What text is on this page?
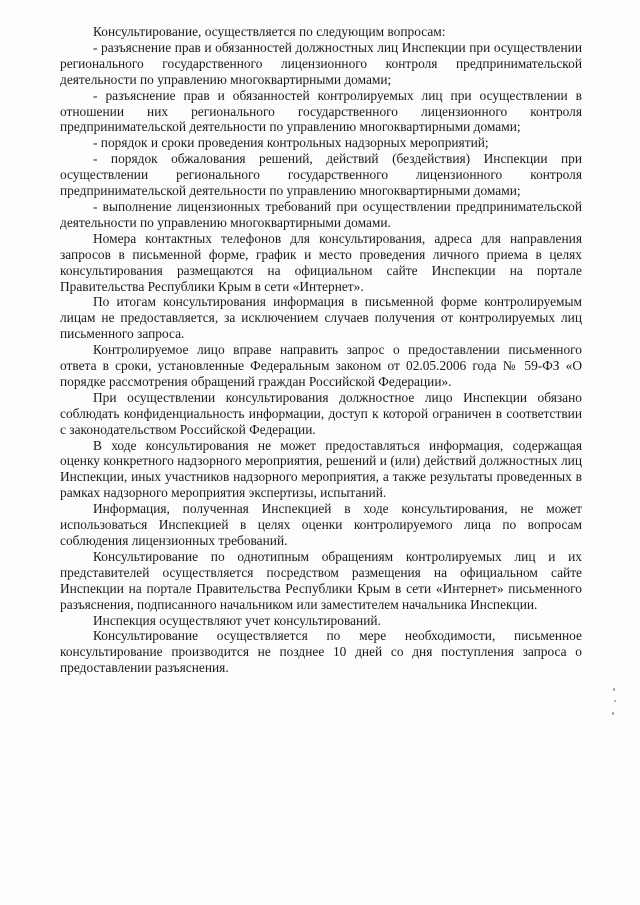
Консультирование, осуществляется по следующим вопросам:

- разъяснение прав и обязанностей должностных лиц Инспекции при осуществлении регионального государственного лицензионного контроля предпринимательской деятельности по управлению многоквартирными домами;

- разъяснение прав и обязанностей контролируемых лиц при осуществлении в отношении них регионального государственного лицензионного контроля предпринимательской деятельности по управлению многоквартирными домами;

- порядок и сроки проведения контрольных надзорных мероприятий;

- порядок обжалования решений, действий (бездействия) Инспекции при осуществлении регионального государственного лицензионного контроля предпринимательской деятельности по управлению многоквартирными домами;

- выполнение лицензионных требований при осуществлении предпринимательской деятельности по управлению многоквартирными домами.

Номера контактных телефонов для консультирования, адреса для направления запросов в письменной форме, график и место проведения личного приема в целях консультирования размещаются на официальном сайте Инспекции на портале Правительства Республики Крым в сети «Интернет».

По итогам консультирования информация в письменной форме контролируемым лицам не предоставляется, за исключением случаев получения от контролируемых лиц письменного запроса.

Контролируемое лицо вправе направить запрос о предоставлении письменного ответа в сроки, установленные Федеральным законом от 02.05.2006 года № 59-ФЗ «О порядке рассмотрения обращений граждан Российской Федерации».

При осуществлении консультирования должностное лицо Инспекции обязано соблюдать конфиденциальность информации, доступ к которой ограничен в соответствии с законодательством Российской Федерации.

В ходе консультирования не может предоставляться информация, содержащая оценку конкретного надзорного мероприятия, решений и (или) действий должностных лиц Инспекции, иных участников надзорного мероприятия, а также результаты проведенных в рамках надзорного мероприятия экспертизы, испытаний.

Информация, полученная Инспекцией в ходе консультирования, не может использоваться Инспекцией в целях оценки контролируемого лица по вопросам соблюдения лицензионных требований.

Консультирование по однотипным обращениям контролируемых лиц и их представителей осуществляется посредством размещения на официальном сайте Инспекции на портале Правительства Республики Крым в сети «Интернет» письменного разъяснения, подписанного начальником или заместителем начальника Инспекции.

Инспекция осуществляют учет консультирований.

Консультирование осуществляется по мере необходимости, письменное консультирование производится не позднее 10 дней со дня поступления запроса о предоставлении разъяснения.
